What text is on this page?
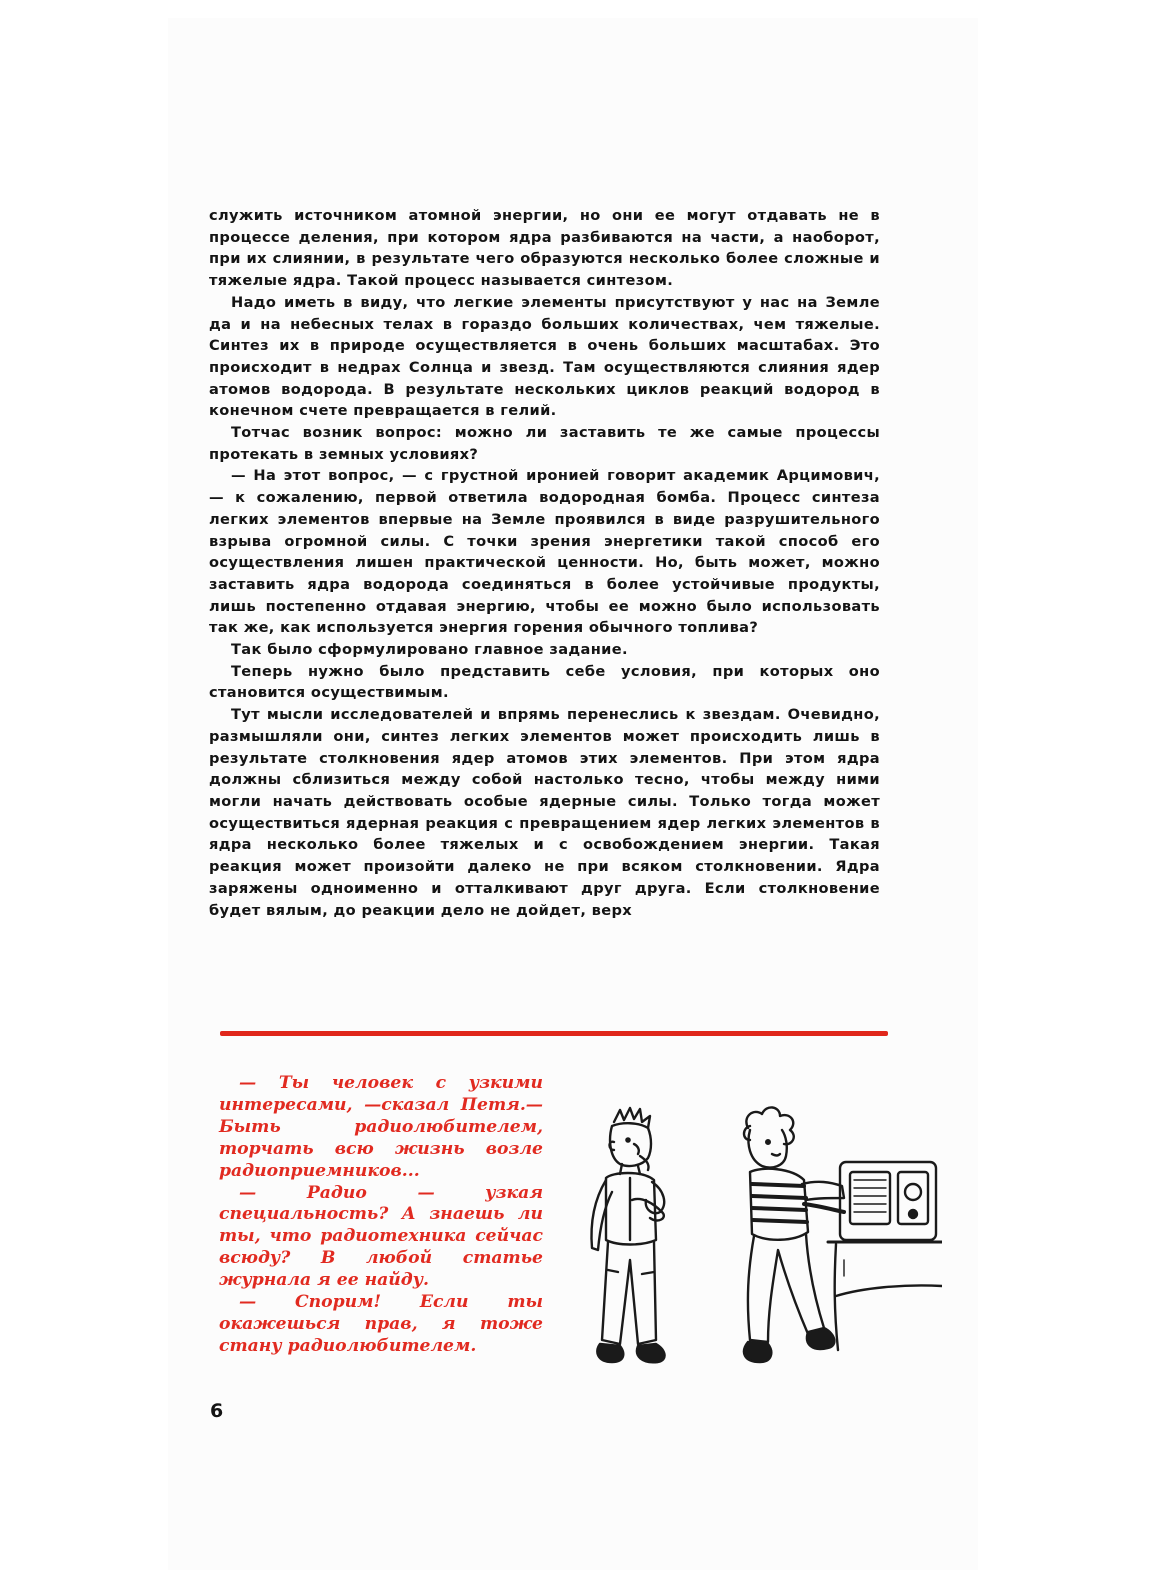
служить источником атомной энергии, но они ее могут отдавать не в процессе деления, при котором ядра разбиваются на части, а наоборот, при их слиянии, в результате чего образуются несколько более сложные и тяжелые ядра. Такой процесс называется синтезом.

Надо иметь в виду, что легкие элементы присутствуют у нас на Земле да и на небесных телах в гораздо больших количествах, чем тяжелые. Синтез их в природе осуществляется в очень больших масштабах. Это происходит в недрах Солнца и звезд. Там осуществляются слияния ядер атомов водорода. В результате нескольких циклов реакций водород в конечном счете превращается в гелий.

Тотчас возник вопрос: можно ли заставить те же самые процессы протекать в земных условиях?

— На этот вопрос, — с грустной иронией говорит академик Арцимович, — к сожалению, первой ответила водородная бомба. Процесс синтеза легких элементов впервые на Земле проявился в виде разрушительного взрыва огромной силы. С точки зрения энергетики такой способ его осуществления лишен практической ценности. Но, быть может, можно заставить ядра водорода соединяться в более устойчивые продукты, лишь постепенно отдавая энергию, чтобы ее можно было использовать так же, как используется энергия горения обычного топлива?

Так было сформулировано главное задание.

Теперь нужно было представить себе условия, при которых оно становится осуществимым.

Тут мысли исследователей и впрямь перенеслись к звездам. Очевидно, размышляли они, синтез легких элементов может происходить лишь в результате столкновения ядер атомов этих элементов. При этом ядра должны сблизиться между собой настолько тесно, чтобы между ними могли начать действовать особые ядерные силы. Только тогда может осуществиться ядерная реакция с превращением ядер легких элементов в ядра несколько более тяжелых и с освобождением энергии. Такая реакция может произойти далеко не при всяком столкновении. Ядра заряжены одноименно и отталкивают друг друга. Если столкновение будет вялым, до реакции дело не дойдет, верх

— Ты человек с узкими интересами, —сказал Петя.— Быть радиолюбителем, торчать всю жизнь возле радиоприемников...

— Радио — узкая специальность? А знаешь ли ты, что радиотехника сейчас всюду? В любой статье журнала я ее найду.

— Спорим! Если ты окажешься прав, я тоже стану радиолюбителем.

6
